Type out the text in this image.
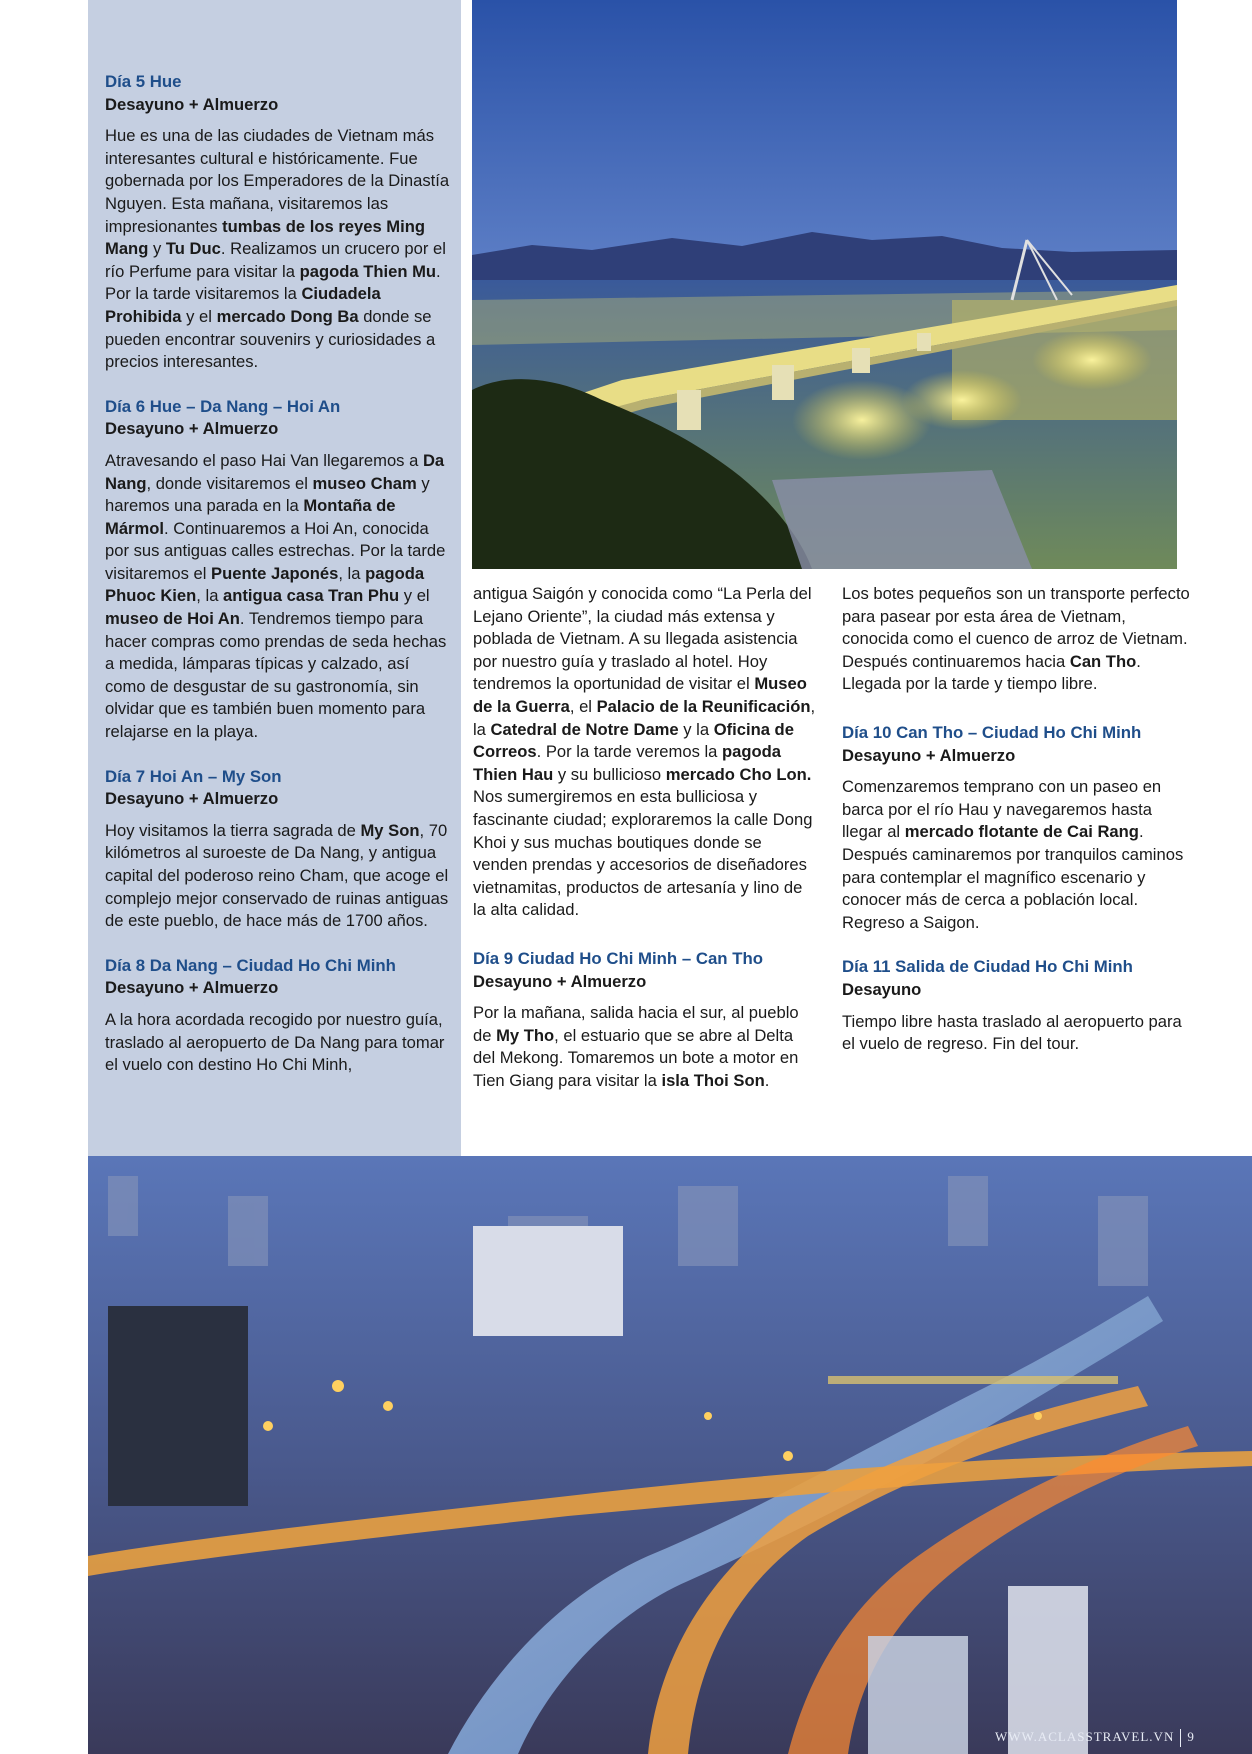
Día 5 Hue
Desayuno + Almuerzo

Hue es una de las ciudades de Vietnam más interesantes cultural e históricamente. Fue gobernada por los Emperadores de la Dinastía Nguyen. Esta mañana, visitaremos las impresionantes tumbas de los reyes Ming Mang y Tu Duc. Realizamos un crucero por el río Perfume para visitar la pagoda Thien Mu. Por la tarde visitaremos la Ciudadela Prohibida y el mercado Dong Ba donde se pueden encontrar souvenirs y curiosidades a precios interesantes.

Día 6 Hue – Da Nang – Hoi An
Desayuno + Almuerzo

Atravesando el paso Hai Van llegaremos a Da Nang, donde visitaremos el museo Cham y haremos una parada en la Montaña de Mármol. Continuaremos a Hoi An, conocida por sus antiguas calles estrechas. Por la tarde visitaremos el Puente Japonés, la pagoda Phuoc Kien, la antigua casa Tran Phu y el museo de Hoi An. Tendremos tiempo para hacer compras como prendas de seda hechas a medida, lámparas típicas y calzado, así como de desgustar de su gastronomía, sin olvidar que es también buen momento para relajarse en la playa.

Día 7 Hoi An – My Son
Desayuno + Almuerzo

Hoy visitamos la tierra sagrada de My Son, 70 kilómetros al suroeste de Da Nang, y antigua capital del poderoso reino Cham, que acoge el complejo mejor conservado de ruinas antiguas de este pueblo, de hace más de 1700 años.

Día 8 Da Nang – Ciudad Ho Chi Minh
Desayuno + Almuerzo

A la hora acordada recogido por nuestro guía, traslado al aeropuerto de Da Nang para tomar el vuelo con destino Ho Chi Minh,

antigua Saigón y conocida como “La Perla del Lejano Oriente”, la ciudad más extensa y poblada de Vietnam. A su llegada asistencia por nuestro guía y traslado al hotel. Hoy tendremos la oportunidad de visitar el Museo de la Guerra, el Palacio de la Reunificación, la Catedral de Notre Dame y la Oficina de Correos. Por la tarde veremos la pagoda Thien Hau y su bullicioso mercado Cho Lon. Nos sumergiremos en esta bulliciosa y fascinante ciudad; exploraremos la calle Dong Khoi y sus muchas boutiques donde se venden prendas y accesorios de diseñadores vietnamitas, productos de artesanía y lino de la alta calidad.

Día 9 Ciudad Ho Chi Minh – Can Tho
Desayuno + Almuerzo

Por la mañana, salida hacia el sur, al pueblo de My Tho, el estuario que se abre al Delta del Mekong. Tomaremos un bote a motor en Tien Giang para visitar la isla Thoi Son.

Los botes pequeños son un transporte perfecto para pasear por esta área de Vietnam, conocida como el cuenco de arroz de Vietnam. Después continuaremos hacia Can Tho. Llegada por la tarde y tiempo libre.

Día 10 Can Tho – Ciudad Ho Chi Minh
Desayuno + Almuerzo

Comenzaremos temprano con un paseo en barca por el río Hau y navegaremos hasta llegar al mercado flotante de Cai Rang. Después caminaremos por tranquilos caminos para contemplar el magnífico escenario y conocer más de cerca a población local. Regreso a Saigon.

Día 11 Salida de Ciudad Ho Chi Minh
Desayuno

Tiempo libre hasta traslado al aeropuerto para el vuelo de regreso. Fin del tour.

WWW.ACLASSTRAVEL.VN 9
